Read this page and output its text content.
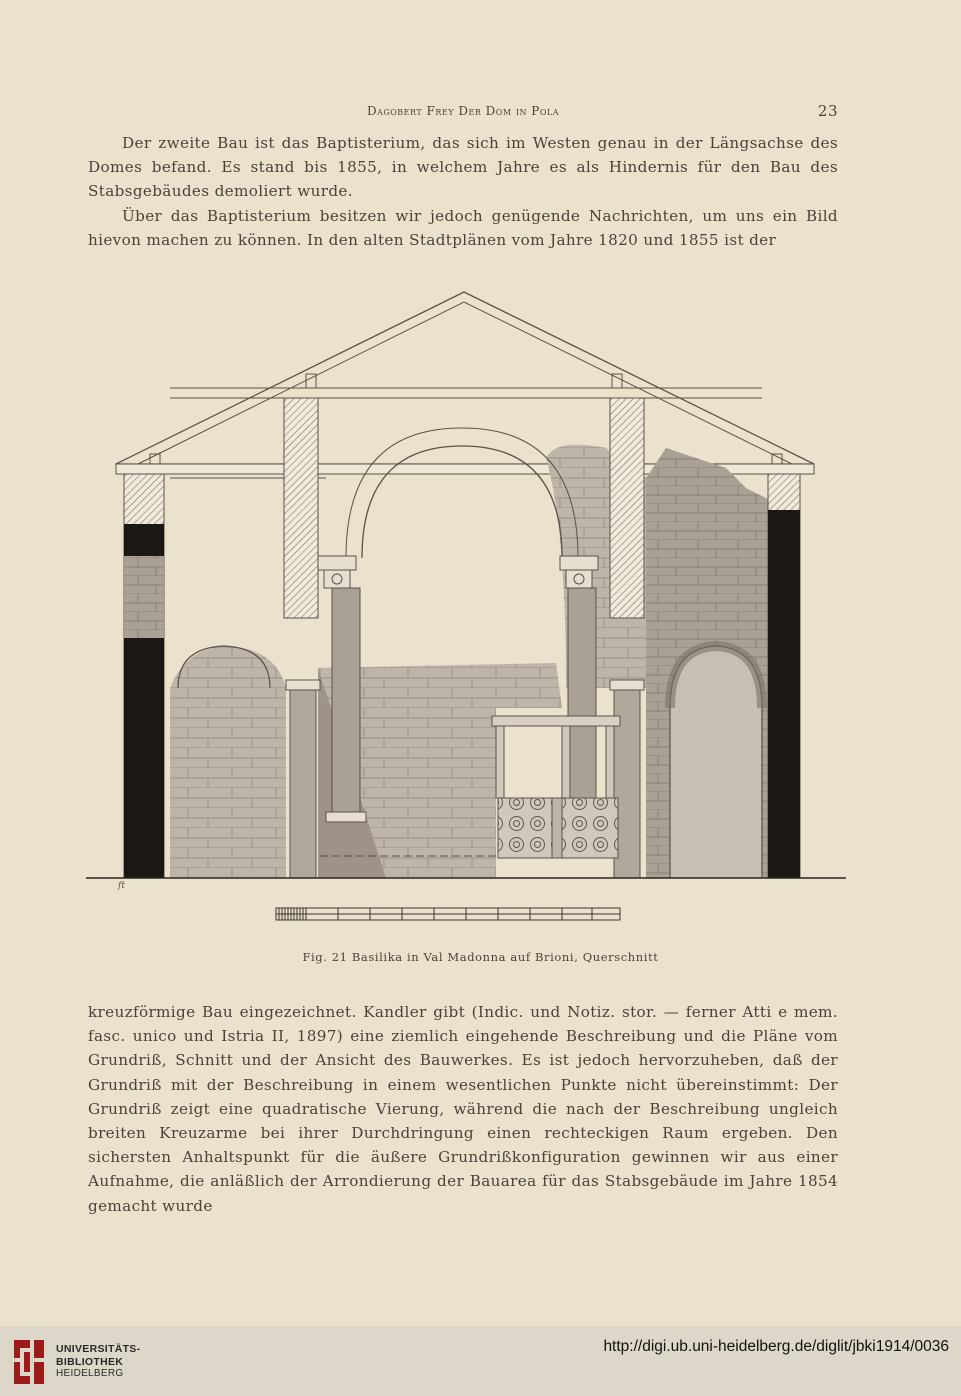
Dagobert Frey Der Dom in Pola	23

Der zweite Bau ist das Baptisterium, das sich im Westen genau in der Längsachse des Domes befand. Es stand bis 1855, in welchem Jahre es als Hindernis für den Bau des Stabsgebäudes demoliert wurde.

Über das Baptisterium besitzen wir jedoch genügende Nachrichten, um uns ein Bild hievon machen zu können. In den alten Stadtplänen vom Jahre 1820 und 1855 ist der

ft
Fig. 21 Basilika in Val Madonna auf Brioni, Querschnitt

kreuzförmige Bau eingezeichnet. Kandler gibt (Indic. und Notiz. stor. — ferner Atti e mem. fasc. unico und Istria II, 1897) eine ziemlich eingehende Beschreibung und die Pläne vom Grundriß, Schnitt und der Ansicht des Bauwerkes. Es ist jedoch hervorzuheben, daß der Grundriß mit der Beschreibung in einem wesentlichen Punkte nicht übereinstimmt: Der Grundriß zeigt eine quadratische Vierung, während die nach der Beschreibung ungleich breiten Kreuzarme bei ihrer Durchdringung einen rechteckigen Raum ergeben. Den sichersten Anhaltspunkt für die äußere Grundrißkonfiguration gewinnen wir aus einer Aufnahme, die anläßlich der Arrondierung der Bauarea für das Stabsgebäude im Jahre 1854 gemacht wurde

UNIVERSITÄTS-
BIBLIOTHEK
HEIDELBERG
http://digi.ub.uni-heidelberg.de/diglit/jbki1914/0036
